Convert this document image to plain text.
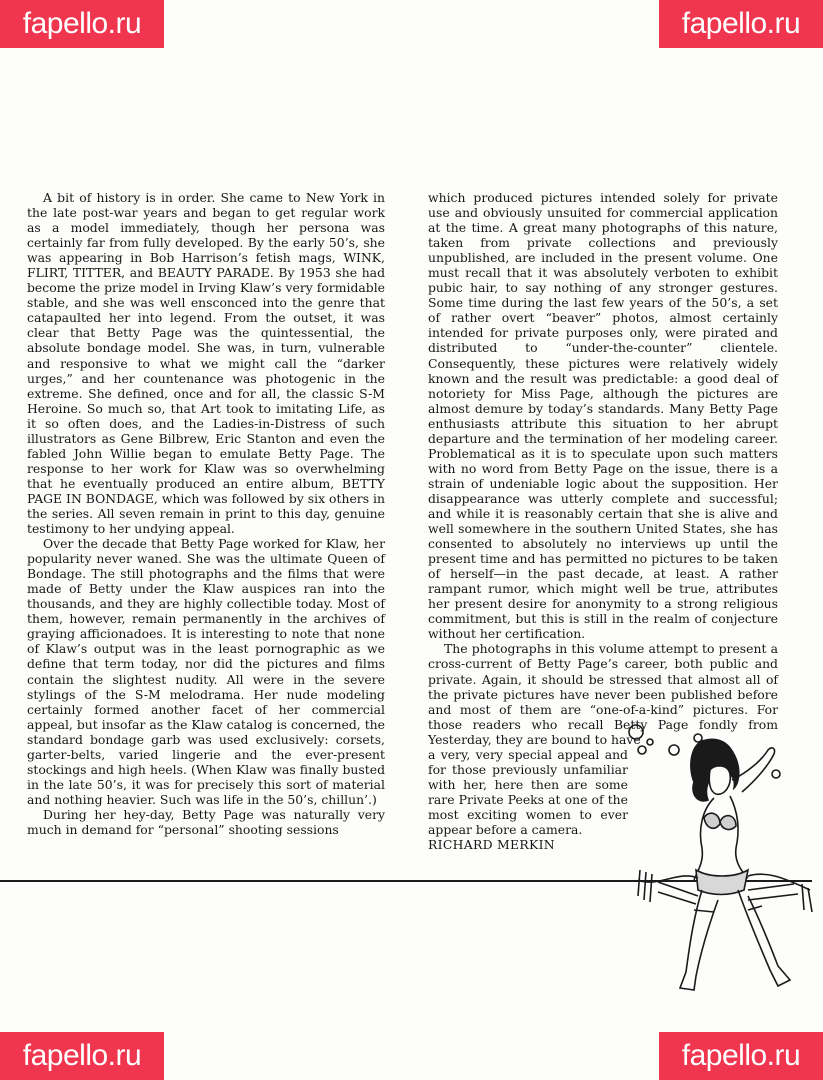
fapello.ru	fapello.ru

A bit of history is in order. She came to New York in the late post-war years and began to get regular work as a model immediately, though her persona was certainly far from fully developed. By the early 50’s, she was appearing in Bob Harrison’s fetish mags, WINK, FLIRT, TITTER, and BEAUTY PARADE. By 1953 she had become the prize model in Irving Klaw’s very formidable stable, and she was well ensconced into the genre that catapaulted her into legend. From the outset, it was clear that Betty Page was the quintessential, the absolute bondage model. She was, in turn, vulnerable and responsive to what we might call the “darker urges,” and her countenance was photogenic in the extreme. She defined, once and for all, the classic S-M Heroine. So much so, that Art took to imitating Life, as it so often does, and the Ladies-in-Distress of such illustrators as Gene Bilbrew, Eric Stanton and even the fabled John Willie began to emulate Betty Page. The response to her work for Klaw was so overwhelming that he eventually produced an entire album, BETTY PAGE IN BONDAGE, which was followed by six others in the series. All seven remain in print to this day, genuine testimony to her undying appeal.

Over the decade that Betty Page worked for Klaw, her popularity never waned. She was the ultimate Queen of Bondage. The still photographs and the films that were made of Betty under the Klaw auspices ran into the thousands, and they are highly collectible today. Most of them, however, remain permanently in the archives of graying afficionadoes. It is interesting to note that none of Klaw’s output was in the least pornographic as we define that term today, nor did the pictures and films contain the slightest nudity. All were in the severe stylings of the S-M melodrama. Her nude modeling certainly formed another facet of her commercial appeal, but insofar as the Klaw catalog is concerned, the standard bondage garb was used exclusively: corsets, garter-belts, varied lingerie and the ever-present stockings and high heels. (When Klaw was finally busted in the late 50’s, it was for precisely this sort of material and nothing heavier. Such was life in the 50’s, chillun’.)

During her hey-day, Betty Page was naturally very much in demand for “personal” shooting sessions

which produced pictures intended solely for private use and obviously unsuited for commercial application at the time. A great many photographs of this nature, taken from private collections and previously unpublished, are included in the present volume. One must recall that it was absolutely verboten to exhibit pubic hair, to say nothing of any stronger gestures. Some time during the last few years of the 50’s, a set of rather overt “beaver” photos, almost certainly intended for private purposes only, were pirated and distributed to “under-the-counter” clientele. Consequently, these pictures were relatively widely known and the result was predictable: a good deal of notoriety for Miss Page, although the pictures are almost demure by today’s standards. Many Betty Page enthusiasts attribute this situation to her abrupt departure and the termination of her modeling career. Problematical as it is to speculate upon such matters with no word from Betty Page on the issue, there is a strain of undeniable logic about the supposition. Her disappearance was utterly complete and successful; and while it is reasonably certain that she is alive and well somewhere in the southern United States, she has consented to absolutely no interviews up until the present time and has permitted no pictures to be taken of herself—in the past decade, at least. A rather rampant rumor, which might well be true, attributes her present desire for anonymity to a strong religious commitment, but this is still in the realm of conjecture without her certification.

The photographs in this volume attempt to present a cross-current of Betty Page’s career, both public and private. Again, it should be stressed that almost all of the private pictures have never been published before and most of them are “one-of-a-kind” pictures. For those readers who recall Betty Page fondly from Yesterday, they are bound to have

a very, very special appeal and for those previously unfamiliar with her, here then are some rare Private Peeks at one of the most exciting women to ever appear before a camera.

RICHARD MERKIN

fapello.ru	fapello.ru
